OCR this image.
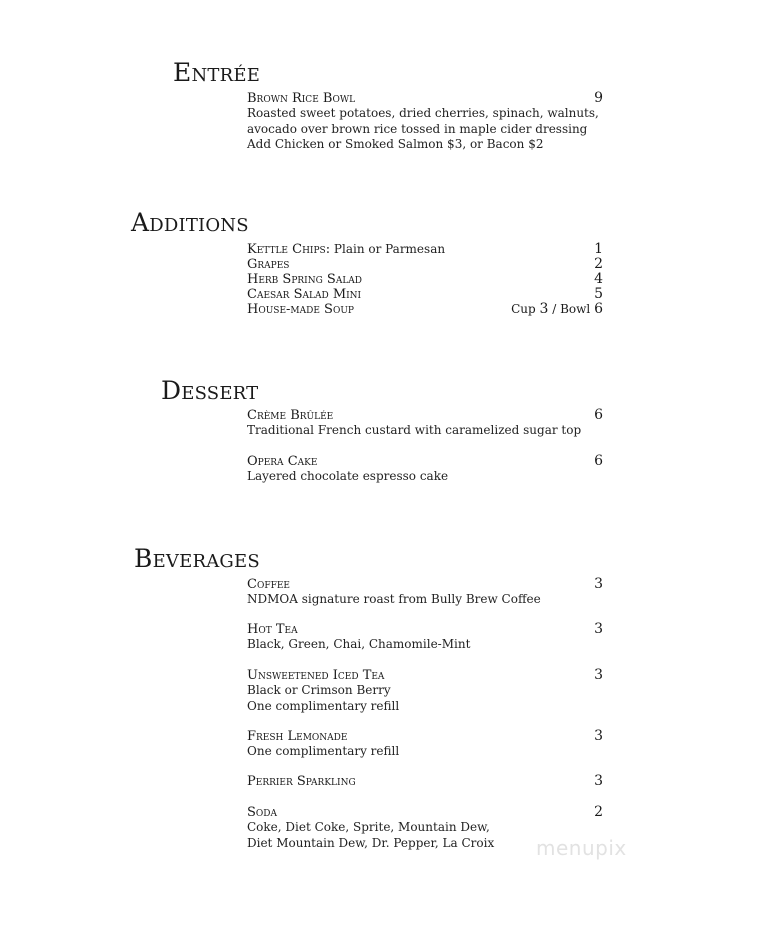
Entrée
Brown Rice Bowl	9
Roasted sweet potatoes, dried cherries, spinach, walnuts,
avocado over brown rice tossed in maple cider dressing
Add Chicken or Smoked Salmon $3, or Bacon $2
Additions
Kettle Chips: Plain or Parmesan	1
Grapes	2
Herb Spring Salad	4
Caesar Salad Mini	5
House-made Soup	Cup 3 / Bowl 6
Dessert
Crème Brûlée	6
Traditional French custard with caramelized sugar top
Opera Cake	6
Layered chocolate espresso cake
Beverages
Coffee	3
NDMOA signature roast from Bully Brew Coffee
Hot Tea	3
Black, Green, Chai, Chamomile-Mint
Unsweetened Iced Tea	3
Black or Crimson Berry
One complimentary refill
Fresh Lemonade	3
One complimentary refill
Perrier Sparkling	3
Soda	2
Coke, Diet Coke, Sprite, Mountain Dew,
Diet Mountain Dew, Dr. Pepper, La Croix	menupix
